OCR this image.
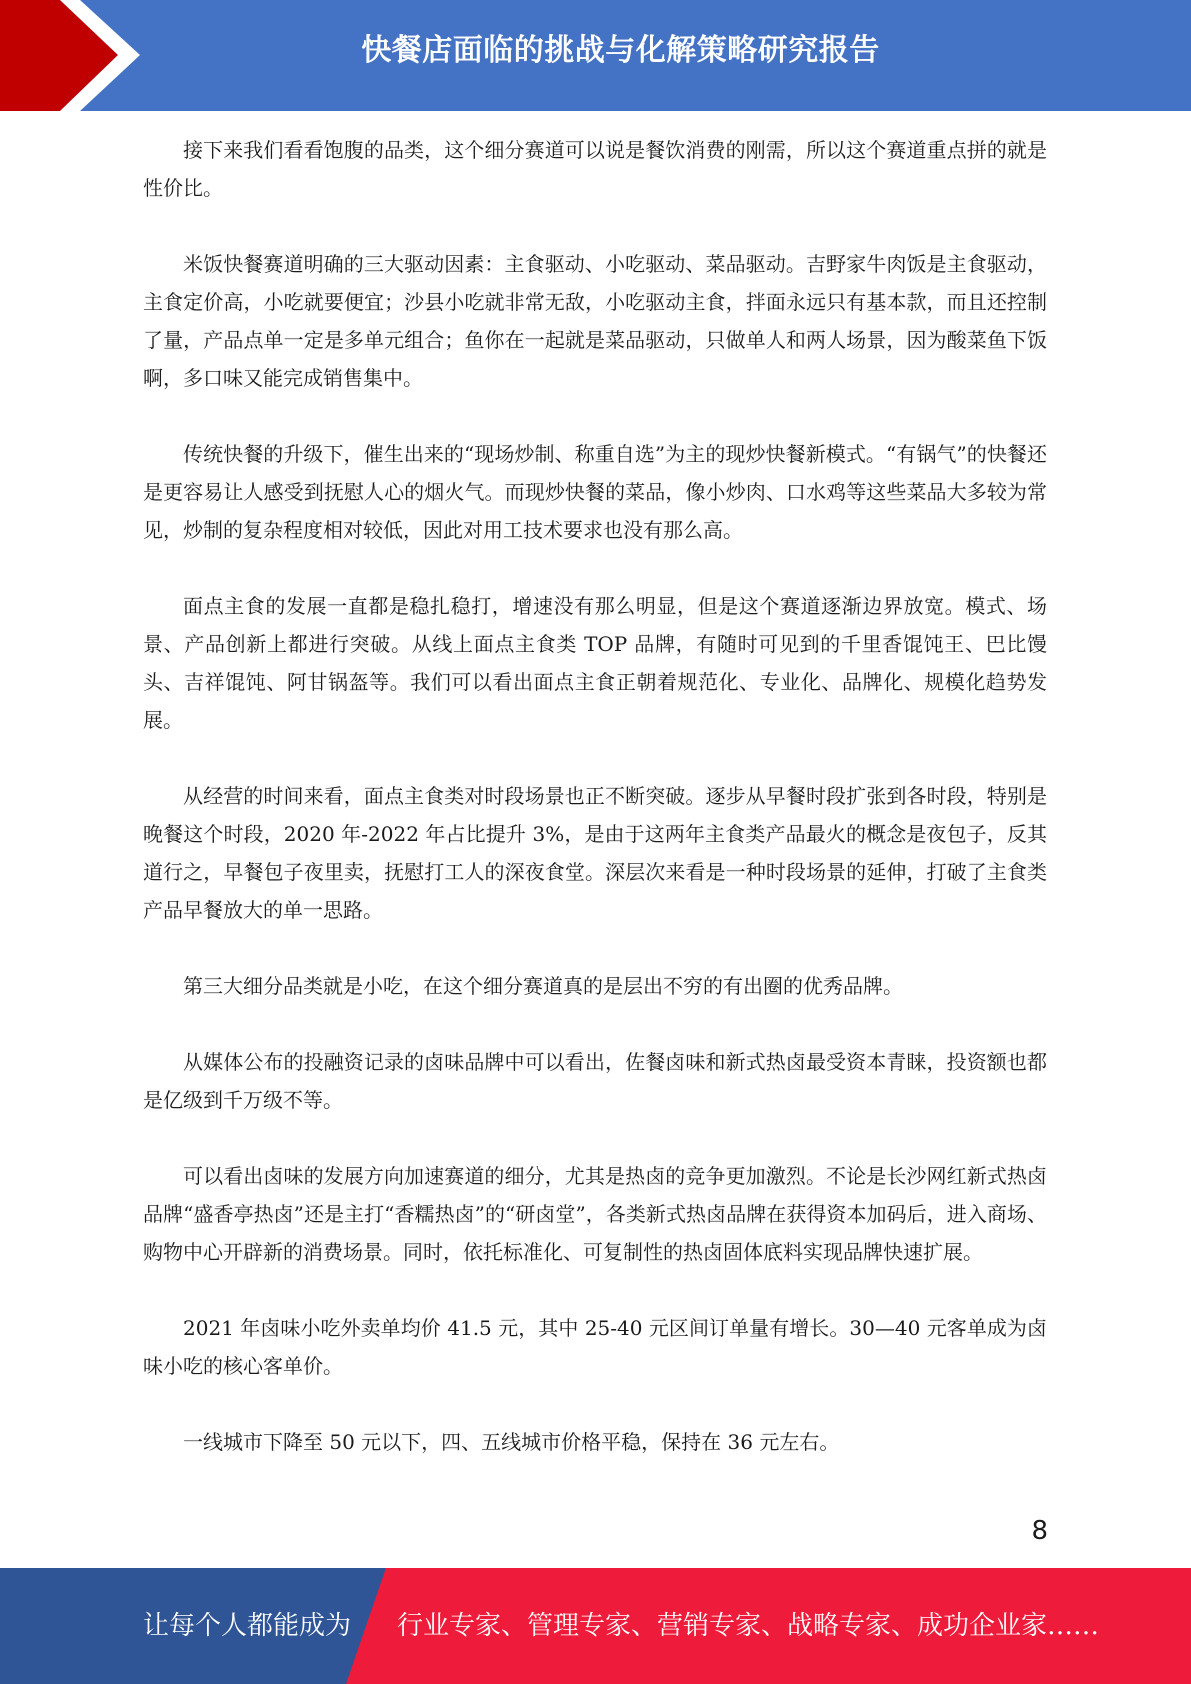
快餐店面临的挑战与化解策略研究报告

接下来我们看看饱腹的品类，这个细分赛道可以说是餐饮消费的刚需，所以这个赛道重点拼的就是性价比。

米饭快餐赛道明确的三大驱动因素：主食驱动、小吃驱动、菜品驱动。吉野家牛肉饭是主食驱动，主食定价高，小吃就要便宜；沙县小吃就非常无敌，小吃驱动主食，拌面永远只有基本款，而且还控制了量，产品点单一定是多单元组合；鱼你在一起就是菜品驱动，只做单人和两人场景，因为酸菜鱼下饭啊，多口味又能完成销售集中。

传统快餐的升级下，催生出来的“现场炒制、称重自选”为主的现炒快餐新模式。“有锅气”的快餐还是更容易让人感受到抚慰人心的烟火气。而现炒快餐的菜品，像小炒肉、口水鸡等这些菜品大多较为常见，炒制的复杂程度相对较低，因此对用工技术要求也没有那么高。

面点主食的发展一直都是稳扎稳打，增速没有那么明显，但是这个赛道逐渐边界放宽。模式、场景、产品创新上都进行突破。从线上面点主食类 TOP 品牌，有随时可见到的千里香馄饨王、巴比馒头、吉祥馄饨、阿甘锅盔等。我们可以看出面点主食正朝着规范化、专业化、品牌化、规模化趋势发展。

从经营的时间来看，面点主食类对时段场景也正不断突破。逐步从早餐时段扩张到各时段，特别是晚餐这个时段，2020 年-2022 年占比提升 3%，是由于这两年主食类产品最火的概念是夜包子，反其道行之，早餐包子夜里卖，抚慰打工人的深夜食堂。深层次来看是一种时段场景的延伸，打破了主食类产品早餐放大的单一思路。

第三大细分品类就是小吃，在这个细分赛道真的是层出不穷的有出圈的优秀品牌。

从媒体公布的投融资记录的卤味品牌中可以看出，佐餐卤味和新式热卤最受资本青睐，投资额也都是亿级到千万级不等。

可以看出卤味的发展方向加速赛道的细分，尤其是热卤的竞争更加激烈。不论是长沙网红新式热卤品牌“盛香亭热卤”还是主打“香糯热卤”的“研卤堂”，各类新式热卤品牌在获得资本加码后，进入商场、购物中心开辟新的消费场景。同时，依托标准化、可复制性的热卤固体底料实现品牌快速扩展。

2021 年卤味小吃外卖单均价 41.5 元，其中 25-40 元区间订单量有增长。30—40 元客单成为卤味小吃的核心客单价。

一线城市下降至 50 元以下，四、五线城市价格平稳，保持在 36 元左右。

8
让每个人都能成为 行业专家、管理专家、营销专家、战略专家、成功企业家……
